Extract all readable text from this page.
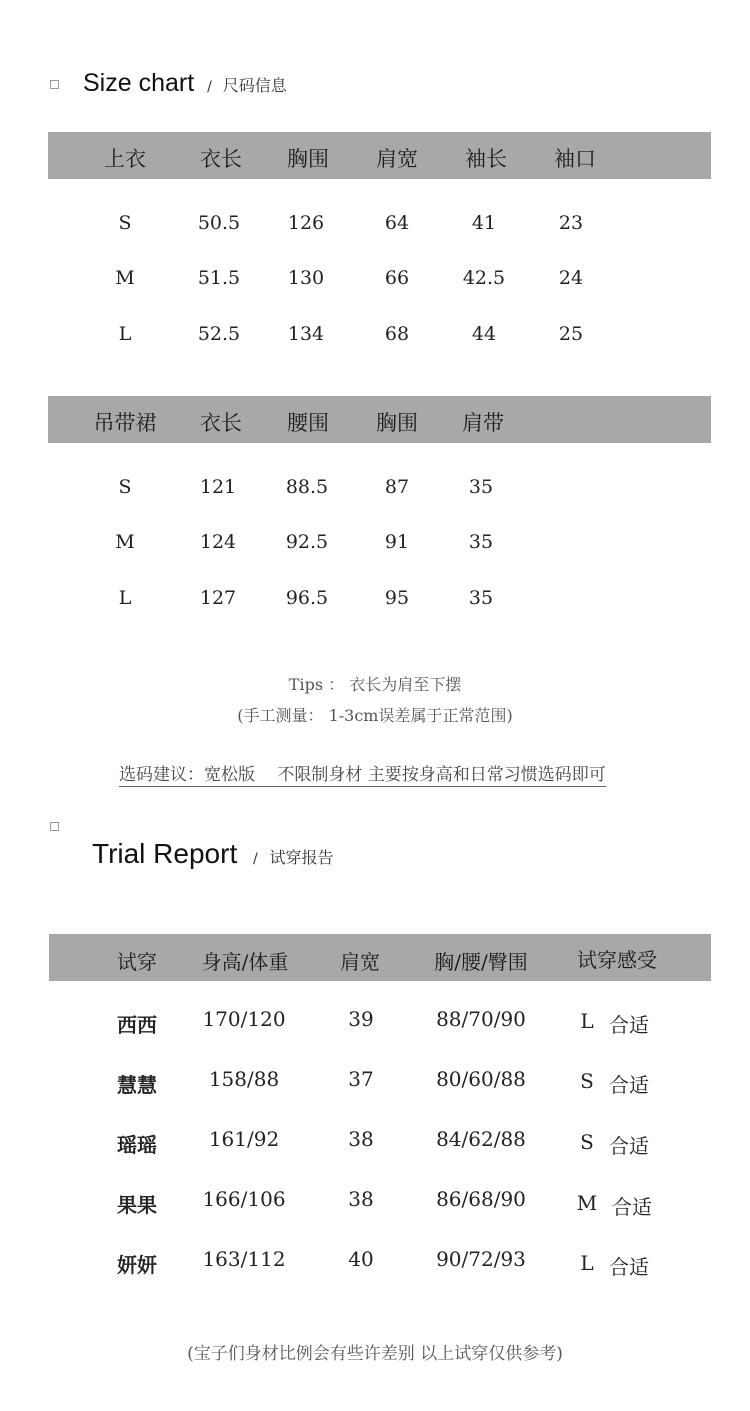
Size chart / 尺码信息
上衣	衣长 胸围 肩宽 袖长 袖口
S	50.5	126	64	41	23
M	51.5	130	66	42.5	24
L	52.5	134	68	44	25
吊带裙 衣长 腰围 胸围 肩带
S	121	88.5	87	35
M	124	92.5	91	35
L	127	96.5	95	35
Tips ： 衣长为肩至下摆
(手工测量： 1-3cm误差属于正常范围)
选码建议：宽松版　 不限制身材 主要按身高和日常习惯选码即可
Trial Report / 试穿报告
试穿 身高/体重	肩宽	胸/腰/臀围 试穿感受
西西 170/120	39	88/70/90	L 合适
慧慧	158/88	37	80/60/88	S 合适
瑶瑶	161/92	38	84/62/88	S 合适
果果 166/106	38	86/68/90	M 合适
妍妍 163/112	40	90/72/93	L 合适
(宝子们身材比例会有些许差别 以上试穿仅供参考)
